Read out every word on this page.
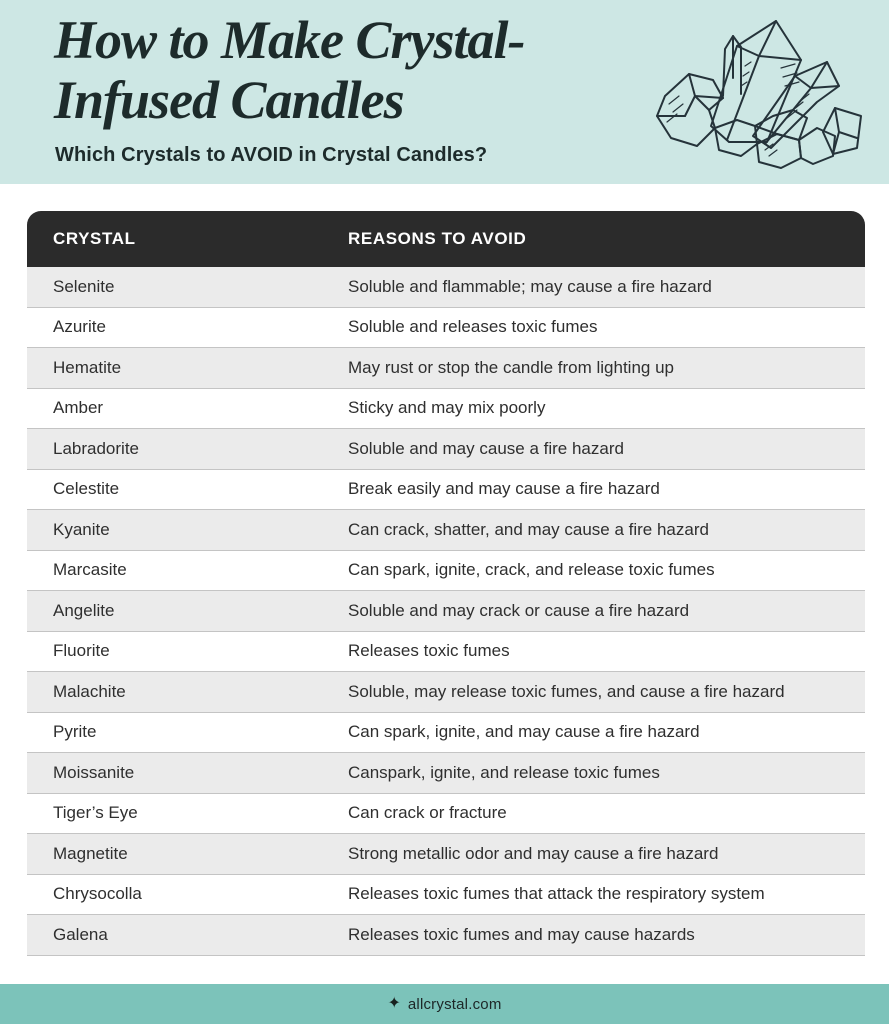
How to Make Crystal-
Infused Candles

Which Crystals to AVOID in Crystal Candles?

CRYSTAL	REASONS TO AVOID
Selenite	Soluble and flammable; may cause a fire hazard
Azurite	Soluble and releases toxic fumes
Hematite	May rust or stop the candle from lighting up
Amber	Sticky and may mix poorly
Labradorite	Soluble and may cause a fire hazard
Celestite	Break easily and may cause a fire hazard
Kyanite	Can crack, shatter, and may cause a fire hazard
Marcasite	Can spark, ignite, crack, and release toxic fumes
Angelite	Soluble and may crack or cause a fire hazard
Fluorite	Releases toxic fumes
Malachite	Soluble, may release toxic fumes, and cause a fire hazard
Pyrite	Can spark, ignite, and may cause a fire hazard
Moissanite	Canspark, ignite, and release toxic fumes
Tiger’s Eye	Can crack or fracture
Magnetite	Strong metallic odor and may cause a fire hazard
Chrysocolla	Releases toxic fumes that attack the respiratory system
Galena	Releases toxic fumes and may cause hazards
✦ allcrystal.com
